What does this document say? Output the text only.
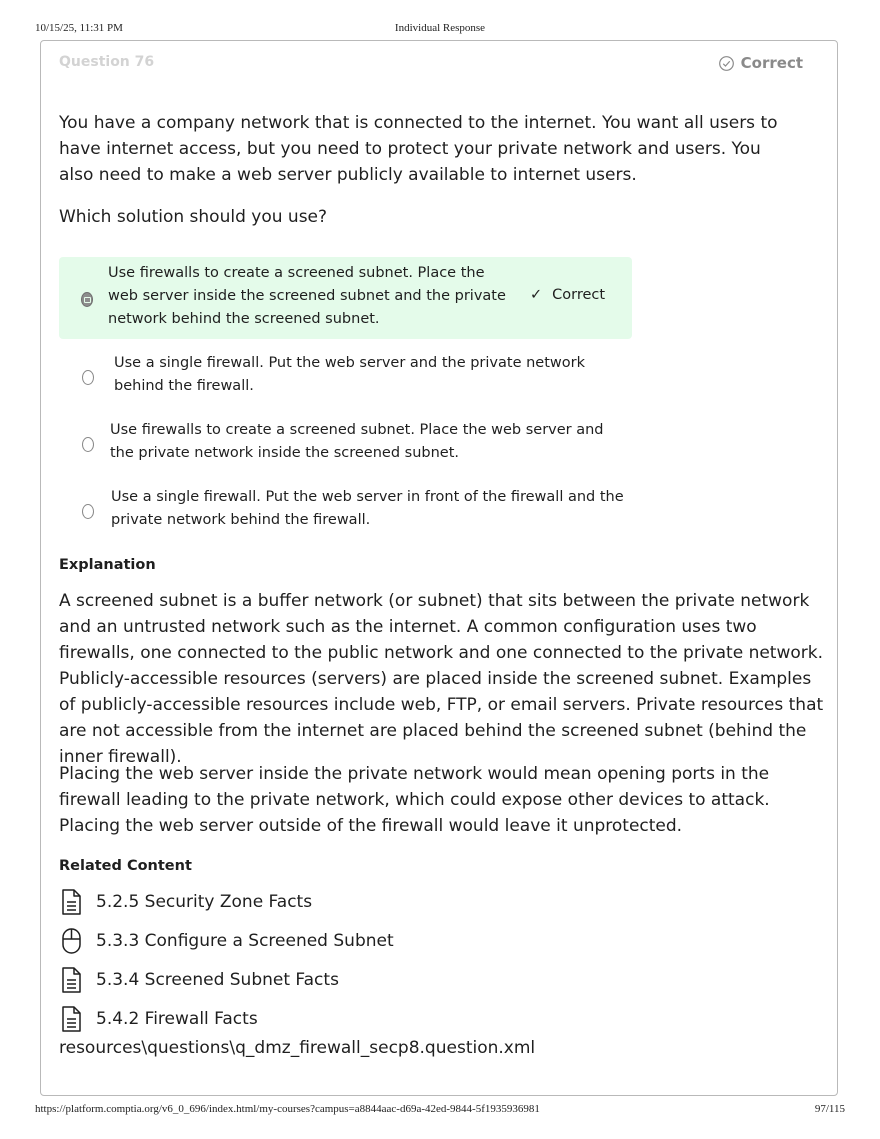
10/15/25, 11:31 PM	Individual Response
Question 76	Correct
You have a company network that is connected to the internet. You want all users to have internet access, but you need to protect your private network and users. You also need to make a web server publicly available to internet users.
Which solution should you use?
Use firewalls to create a screened subnet. Place the web server inside the screened subnet and the private network behind the screened subnet.
✓ Correct
Use a single firewall. Put the web server and the private network behind the firewall.
Use firewalls to create a screened subnet. Place the web server and the private network inside the screened subnet.
Use a single firewall. Put the web server in front of the firewall and the private network behind the firewall.
Explanation
A screened subnet is a buffer network (or subnet) that sits between the private network and an untrusted network such as the internet. A common configuration uses two firewalls, one connected to the public network and one connected to the private network. Publicly-accessible resources (servers) are placed inside the screened subnet. Examples of publicly-accessible resources include web, FTP, or email servers. Private resources that are not accessible from the internet are placed behind the screened subnet (behind the inner firewall).
Placing the web server inside the private network would mean opening ports in the firewall leading to the private network, which could expose other devices to attack. Placing the web server outside of the firewall would leave it unprotected.
Related Content
5.2.5 Security Zone Facts
5.3.3 Configure a Screened Subnet
5.3.4 Screened Subnet Facts
5.4.2 Firewall Facts
resources\questions\q_dmz_firewall_secp8.question.xml
https://platform.comptia.org/v6_0_696/index.html/my-courses?campus=a8844aac-d69a-42ed-9844-5f1935936981	97/115
